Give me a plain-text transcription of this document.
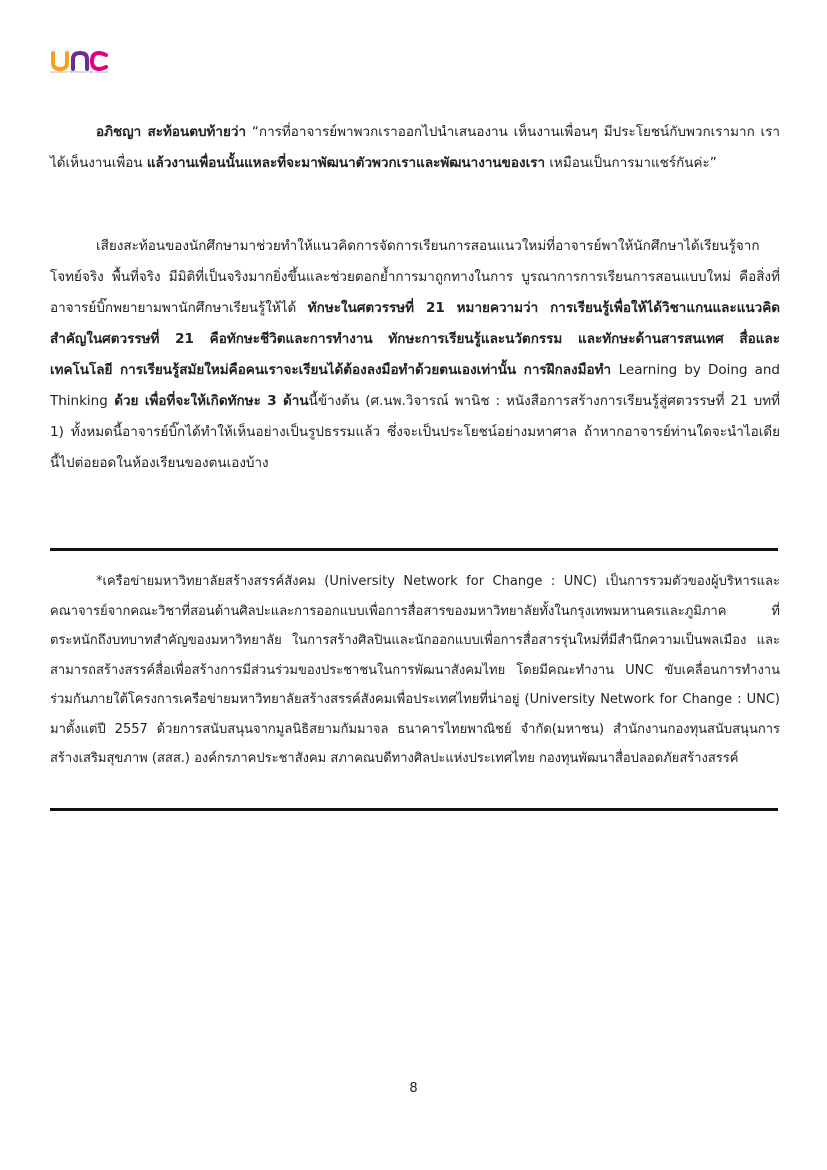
UNIVERSITY NETWORK FOR CHANGE

อภิชญา สะท้อนตบท้ายว่า “การที่อาจารย์พาพวกเราออกไปนำเสนองาน เห็นงานเพื่อนๆ มีประโยชน์กับพวกเรามาก เราได้เห็นงานเพื่อน แล้วงานเพื่อนนั้นแหละที่จะมาพัฒนาตัวพวกเราและพัฒนางานของเรา เหมือนเป็นการมาแชร์กันค่ะ”

เสียงสะท้อนของนักศึกษามาช่วยทำให้แนวคิดการจัดการเรียนการสอนแนวใหม่ที่อาจารย์พาให้นักศึกษาได้เรียนรู้จากโจทย์จริง พื้นที่จริง มีมิติที่เป็นจริงมากยิ่งขึ้นและช่วยตอกย้ำการมาถูกทางในการ บูรณาการการเรียนการสอนแบบใหม่ คือสิ่งที่อาจารย์บิ๊กพยายามพานักศึกษาเรียนรู้ให้ได้ ทักษะในศตวรรษที่ 21 หมายความว่า การเรียนรู้เพื่อให้ได้วิชาแกนและแนวคิดสำคัญในศตวรรษที่ 21 คือทักษะชีวิตและการทำงาน ทักษะการเรียนรู้และนวัตกรรม และทักษะด้านสารสนเทศ สื่อและเทคโนโลยี การเรียนรู้สมัยใหม่คือคนเราจะเรียนได้ต้องลงมือทำด้วยตนเองเท่านั้น การฝึกลงมือทำ Learning by Doing and Thinking ด้วย เพื่อที่จะให้เกิดทักษะ 3 ด้านนี้ข้างต้น (ศ.นพ.วิจารณ์ พานิช : หนังสือการสร้างการเรียนรู้สู่ศตวรรษที่ 21 บทที่ 1) ทั้งหมดนี้อาจารย์บิ๊กได้ทำให้เห็นอย่างเป็นรูปธรรมแล้ว ซึ่งจะเป็นประโยชน์อย่างมหาศาล ถ้าหากอาจารย์ท่านใดจะนำไอเดียนี้ไปต่อยอดในห้องเรียนของตนเองบ้าง

*เครือข่ายมหาวิทยาลัยสร้างสรรค์สังคม (University Network for Change : UNC) เป็นการรวมตัวของผู้บริหารและคณาจารย์จากคณะวิชาที่สอนด้านศิลปะและการออกแบบเพื่อการสื่อสารของมหาวิทยาลัยทั้งในกรุงเทพมหานครและภูมิภาค ที่ตระหนักถึงบทบาทสำคัญของมหาวิทยาลัย ในการสร้างศิลปินและนักออกแบบเพื่อการสื่อสารรุ่นใหม่ที่มีสำนึกความเป็นพลเมือง และสามารถสร้างสรรค์สื่อเพื่อสร้างการมีส่วนร่วมของประชาชนในการพัฒนาสังคมไทย โดยมีคณะทำงาน UNC ขับเคลื่อนการทำงานร่วมกันภายใต้โครงการเครือข่ายมหาวิทยาลัยสร้างสรรค์สังคมเพื่อประเทศไทยที่น่าอยู่ (University Network for Change : UNC) มาตั้งแต่ปี 2557 ด้วยการสนับสนุนจากมูลนิธิสยามกัมมาจล ธนาคารไทยพาณิชย์ จำกัด(มหาชน) สำนักงานกองทุนสนับสนุนการสร้างเสริมสุขภาพ (สสส.) องค์กรภาคประชาสังคม สภาคณบดีทางศิลปะแห่งประเทศไทย กองทุนพัฒนาสื่อปลอดภัยสร้างสรรค์

8
